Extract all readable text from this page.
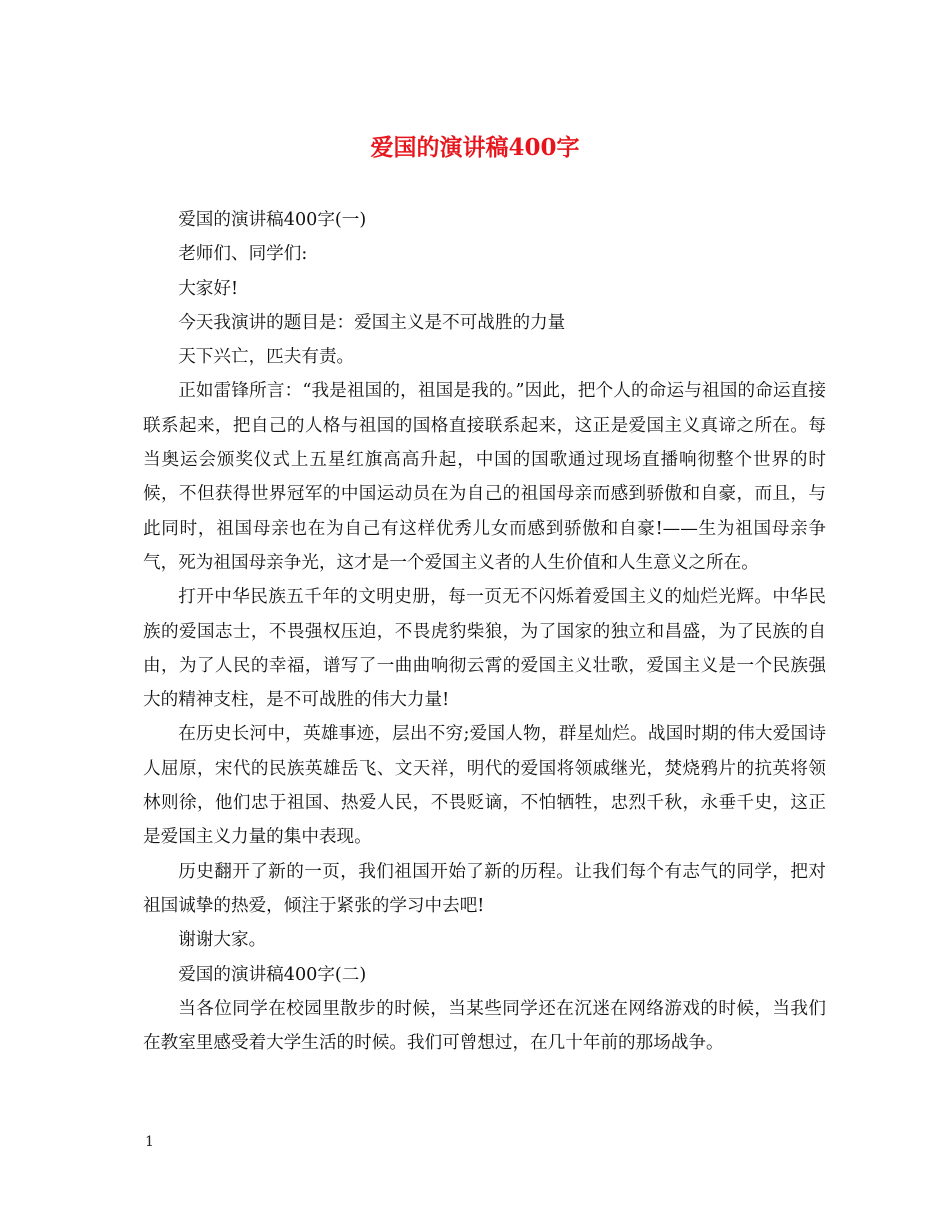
爱国的演讲稿400字

爱国的演讲稿400字(一)

老师们、同学们:

大家好!

今天我演讲的题目是：爱国主义是不可战胜的力量

天下兴亡，匹夫有责。

正如雷锋所言：“我是祖国的，祖国是我的。”因此，把个人的命运与祖国的命运直接联系起来，把自己的人格与祖国的国格直接联系起来，这正是爱国主义真谛之所在。每当奥运会颁奖仪式上五星红旗高高升起，中国的国歌通过现场直播响彻整个世界的时候，不但获得世界冠军的中国运动员在为自己的祖国母亲而感到骄傲和自豪，而且，与此同时，祖国母亲也在为自己有这样优秀儿女而感到骄傲和自豪!——生为祖国母亲争气，死为祖国母亲争光，这才是一个爱国主义者的人生价值和人生意义之所在。

打开中华民族五千年的文明史册，每一页无不闪烁着爱国主义的灿烂光辉。中华民族的爱国志士，不畏强权压迫，不畏虎豹柴狼，为了国家的独立和昌盛，为了民族的自由，为了人民的幸福，谱写了一曲曲响彻云霄的爱国主义壮歌，爱国主义是一个民族强大的精神支柱，是不可战胜的伟大力量!

在历史长河中，英雄事迹，层出不穷;爱国人物，群星灿烂。战国时期的伟大爱国诗人屈原，宋代的民族英雄岳飞、文天祥，明代的爱国将领戚继光，焚烧鸦片的抗英将领林则徐，他们忠于祖国、热爱人民，不畏贬谪，不怕牺牲，忠烈千秋，永垂千史，这正是爱国主义力量的集中表现。

历史翻开了新的一页，我们祖国开始了新的历程。让我们每个有志气的同学，把对祖国诚挚的热爱，倾注于紧张的学习中去吧!

谢谢大家。

爱国的演讲稿400字(二)

当各位同学在校园里散步的时候，当某些同学还在沉迷在网络游戏的时候，当我们在教室里感受着大学生活的时候。我们可曾想过，在几十年前的那场战争。

1
